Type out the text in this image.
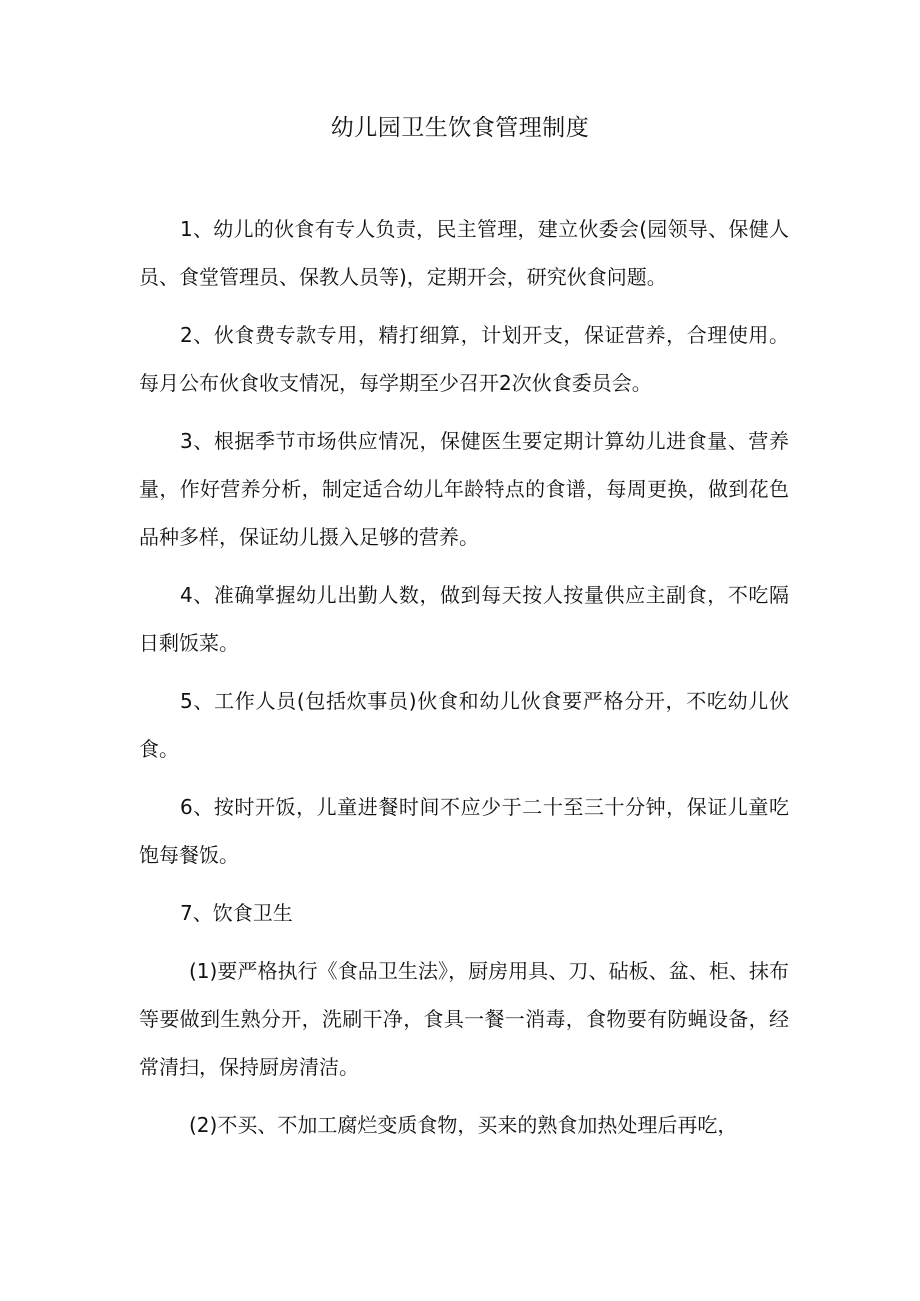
幼儿园卫生饮食管理制度

1、幼儿的伙食有专人负责，民主管理，建立伙委会(园领导、保健人员、食堂管理员、保教人员等)，定期开会，研究伙食问题。

2、伙食费专款专用，精打细算，计划开支，保证营养，合理使用。每月公布伙食收支情况，每学期至少召开2次伙食委员会。

3、根据季节市场供应情况，保健医生要定期计算幼儿进食量、营养量，作好营养分析，制定适合幼儿年龄特点的食谱，每周更换，做到花色品种多样，保证幼儿摄入足够的营养。

4、准确掌握幼儿出勤人数，做到每天按人按量供应主副食，不吃隔日剩饭菜。

5、工作人员(包括炊事员)伙食和幼儿伙食要严格分开，不吃幼儿伙食。

6、按时开饭，儿童进餐时间不应少于二十至三十分钟，保证儿童吃饱每餐饭。

7、饮食卫生

(1)要严格执行《食品卫生法》，厨房用具、刀、砧板、盆、柜、抹布等要做到生熟分开，洗刷干净，食具一餐一消毒，食物要有防蝇设备，经常清扫，保持厨房清洁。

(2)不买、不加工腐烂变质食物，买来的熟食加热处理后再吃，
